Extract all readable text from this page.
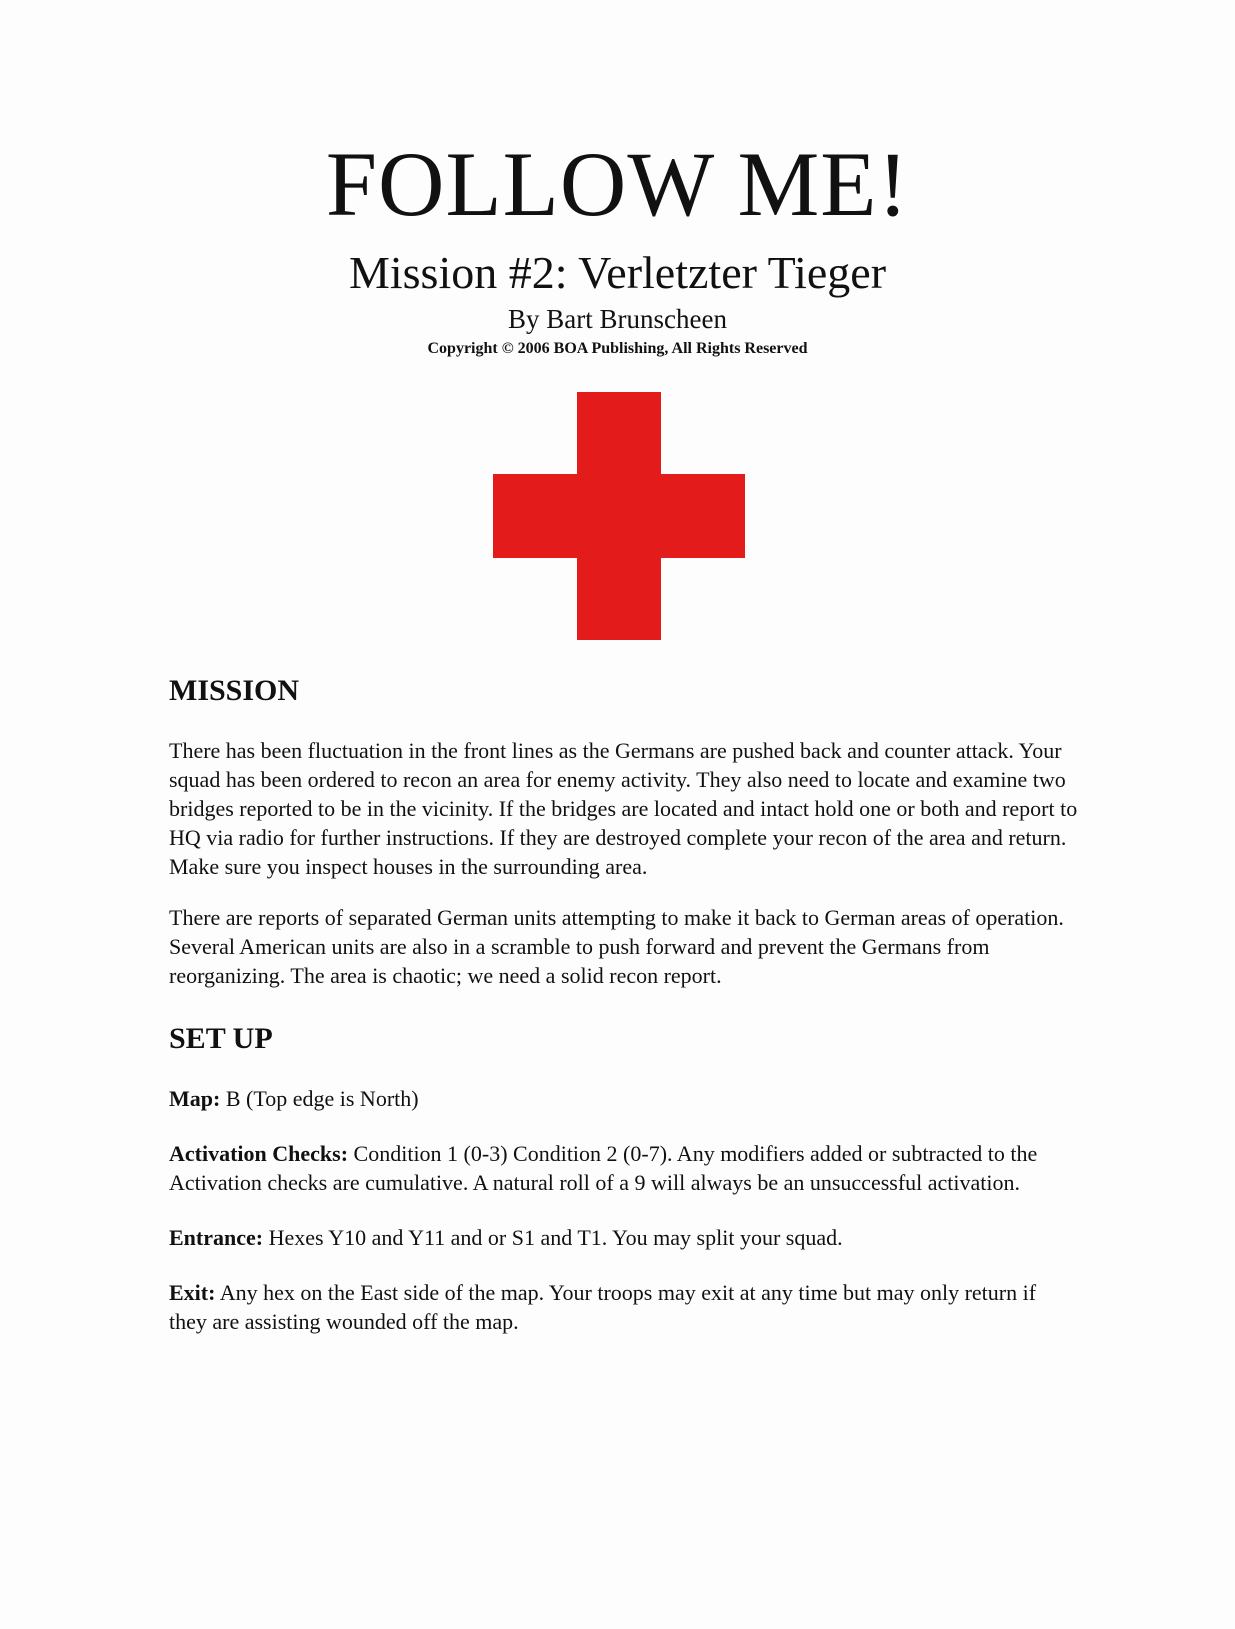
FOLLOW ME!
Mission #2: Verletzter Tieger
By Bart Brunscheen
Copyright © 2006 BOA Publishing, All Rights Reserved
MISSION

There has been fluctuation in the front lines as the Germans are pushed back and counter attack. Your squad has been ordered to recon an area for enemy activity. They also need to locate and examine two bridges reported to be in the vicinity. If the bridges are located and intact hold one or both and report to HQ via radio for further instructions. If they are destroyed complete your recon of the area and return. Make sure you inspect houses in the surrounding area.

There are reports of separated German units attempting to make it back to German areas of operation. Several American units are also in a scramble to push forward and prevent the Germans from reorganizing. The area is chaotic; we need a solid recon report.

SET UP

Map: B (Top edge is North)

Activation Checks: Condition 1 (0-3) Condition 2 (0-7). Any modifiers added or subtracted to the Activation checks are cumulative. A natural roll of a 9 will always be an unsuccessful activation.

Entrance: Hexes Y10 and Y11 and or S1 and T1. You may split your squad.

Exit: Any hex on the East side of the map. Your troops may exit at any time but may only return if they are assisting wounded off the map.
